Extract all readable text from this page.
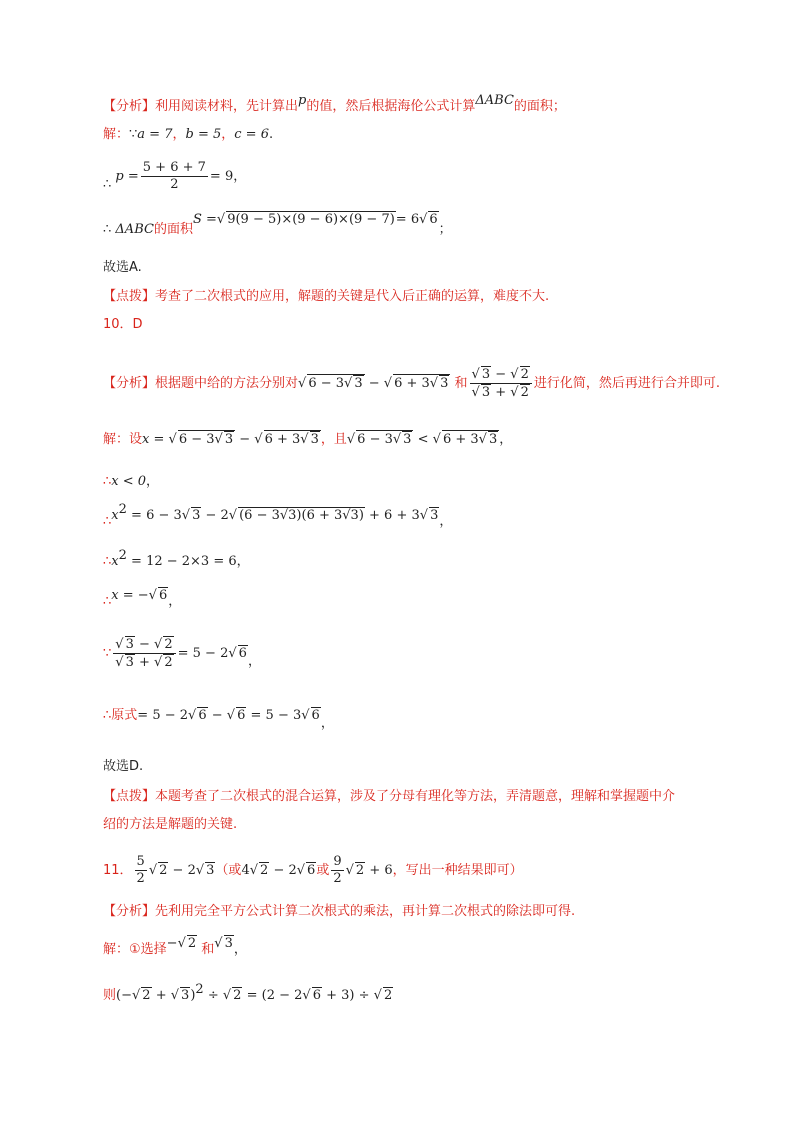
【分析】利用阅读材料，先计算出p的值，然后根据海伦公式计算ΔABC的面积；
解：∵a = 7，b = 5，c = 6.
∴ $p = \frac{5 + 6 + 7}{2} = 9$，
∴ ΔABC的面积S =√ 9(9 − 5)×(9 − 6)×(9 − 7)= 6√ 6；
故选A.
【点拨】考查了二次根式的应用，解题的关键是代入后正确的运算，难度不大.
10．D
【分析】根据题中给的方法分别对√ 6 − 3√ 3 − √ 6 + 3√ 3 和 $\frac{√ 3 - √ 2}{√ 3 + √ 2}$ 进行化简，然后再进行合并即可.
解：设x = √ 6 − 3√ 3 − √ 6 + 3√ 3 ，且√ 6 − 3√ 3 < √ 6 + 3√ 3 ，
∴x < 0，
$\therefore x^2 = 6 - 3√$ 3 − 2√ (6 − 3√3)(6 + 3√3) + 6 + 3√ 3，
$\therefore x^2 = 12 - 2\times 3 = 6$，
∴x = −√ 6，
∵ $\frac{√ 3 - √ 2}{√ 3 + √ 2} = 5 - 2√$ 6，
∴原式= 5 − 2√ 6 − √ 6 = 5 − 3√ 6，
故选D.
【点拨】本题考查了二次根式的混合运算，涉及了分母有理化等方法，弄清题意，理解和掌握题中介
绍的方法是解题的关键.
11． $\frac{5}{2}$ √ 2 − 2√ 3（或4√ 2 − 2√ 6或 $\frac{9}{2}$ √ 2 + 6，写出一种结果即可）
【分析】先利用完全平方公式计算二次根式的乘法，再计算二次根式的除法即可得.
解：①选择−√ 2 和√ 3，
则(−√ 2 + √ 3)$^2$ ÷ √ 2 = (2 − 2√ 6 + 3) ÷ √ 2
